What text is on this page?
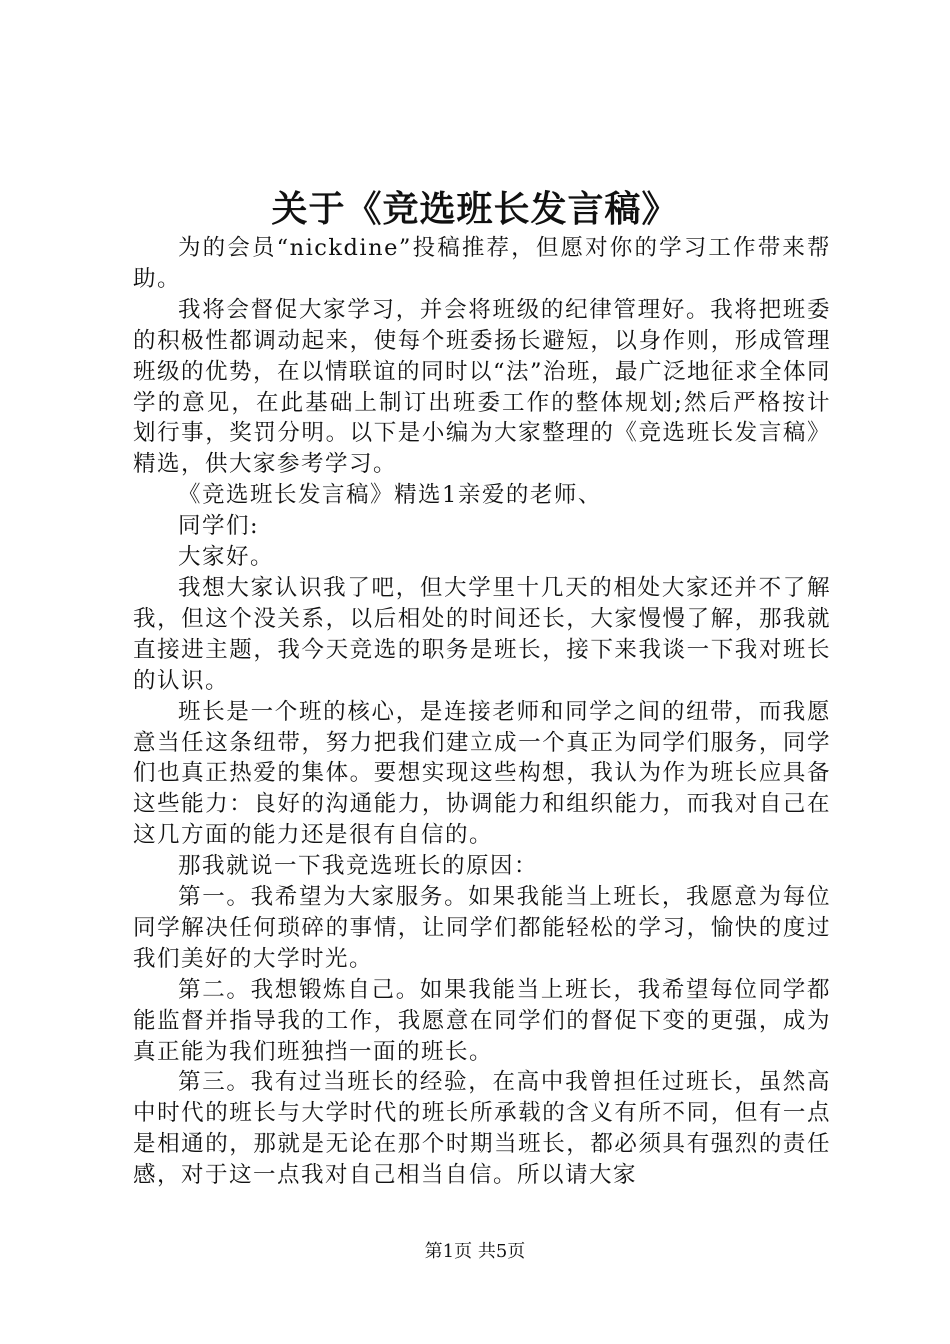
关于《竞选班长发言稿》

为的会员“nickdine”投稿推荐，但愿对你的学习工作带来帮助。

我将会督促大家学习，并会将班级的纪律管理好。我将把班委的积极性都调动起来，使每个班委扬长避短，以身作则，形成管理班级的优势，在以情联谊的同时以“法”治班，最广泛地征求全体同学的意见，在此基础上制订出班委工作的整体规划;然后严格按计划行事，奖罚分明。以下是小编为大家整理的《竞选班长发言稿》精选，供大家参考学习。

《竞选班长发言稿》精选1亲爱的老师、

同学们:

大家好。

我想大家认识我了吧，但大学里十几天的相处大家还并不了解我，但这个没关系，以后相处的时间还长，大家慢慢了解，那我就直接进主题，我今天竞选的职务是班长，接下来我谈一下我对班长的认识。

班长是一个班的核心，是连接老师和同学之间的纽带，而我愿意当任这条纽带，努力把我们建立成一个真正为同学们服务，同学们也真正热爱的集体。要想实现这些构想，我认为作为班长应具备这些能力：良好的沟通能力，协调能力和组织能力，而我对自己在这几方面的能力还是很有自信的。

那我就说一下我竞选班长的原因：

第一。我希望为大家服务。如果我能当上班长，我愿意为每位同学解决任何琐碎的事情，让同学们都能轻松的学习，愉快的度过我们美好的大学时光。

第二。我想锻炼自己。如果我能当上班长，我希望每位同学都能监督并指导我的工作，我愿意在同学们的督促下变的更强，成为真正能为我们班独挡一面的班长。

第三。我有过当班长的经验，在高中我曾担任过班长，虽然高中时代的班长与大学时代的班长所承载的含义有所不同，但有一点是相通的，那就是无论在那个时期当班长，都必须具有强烈的责任感，对于这一点我对自己相当自信。所以请大家

第1页 共5页
